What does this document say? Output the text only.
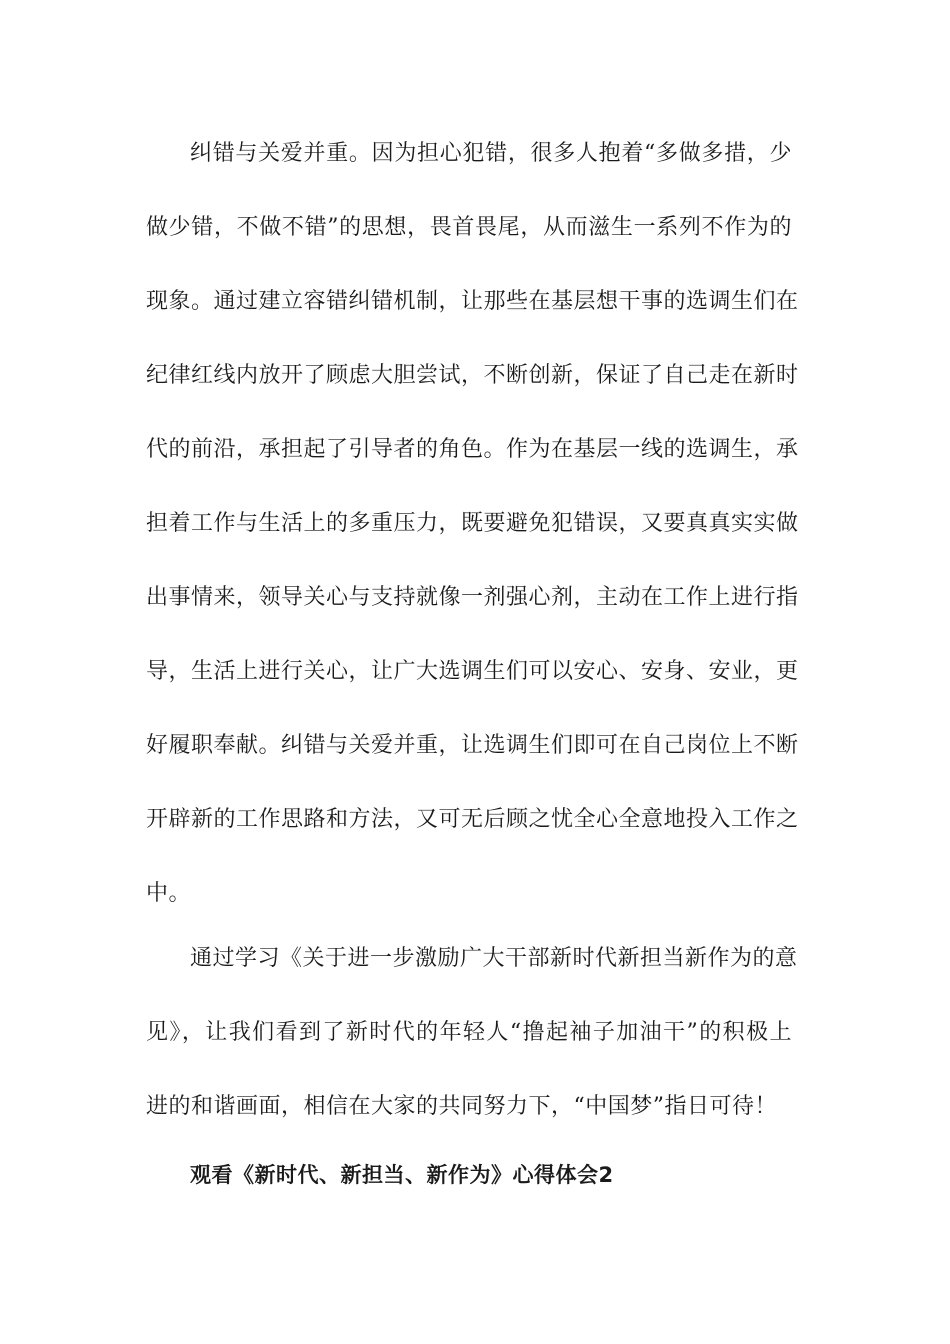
纠错与关爱并重。因为担心犯错，很多人抱着“多做多措，少
做少错，不做不错”的思想，畏首畏尾，从而滋生一系列不作为的
现象。通过建立容错纠错机制，让那些在基层想干事的选调生们在
纪律红线内放开了顾虑大胆尝试，不断创新，保证了自己走在新时
代的前沿，承担起了引导者的角色。作为在基层一线的选调生，承
担着工作与生活上的多重压力，既要避免犯错误，又要真真实实做
出事情来，领导关心与支持就像一剂强心剂，主动在工作上进行指
导，生活上进行关心，让广大选调生们可以安心、安身、安业，更
好履职奉献。纠错与关爱并重，让选调生们即可在自己岗位上不断
开辟新的工作思路和方法，又可无后顾之忧全心全意地投入工作之
中。
通过学习《关于进一步激励广大干部新时代新担当新作为的意
见》，让我们看到了新时代的年轻人“撸起袖子加油干”的积极上
进的和谐画面，相信在大家的共同努力下，“中国梦”指日可待！
观看《新时代、新担当、新作为》心得体会2
